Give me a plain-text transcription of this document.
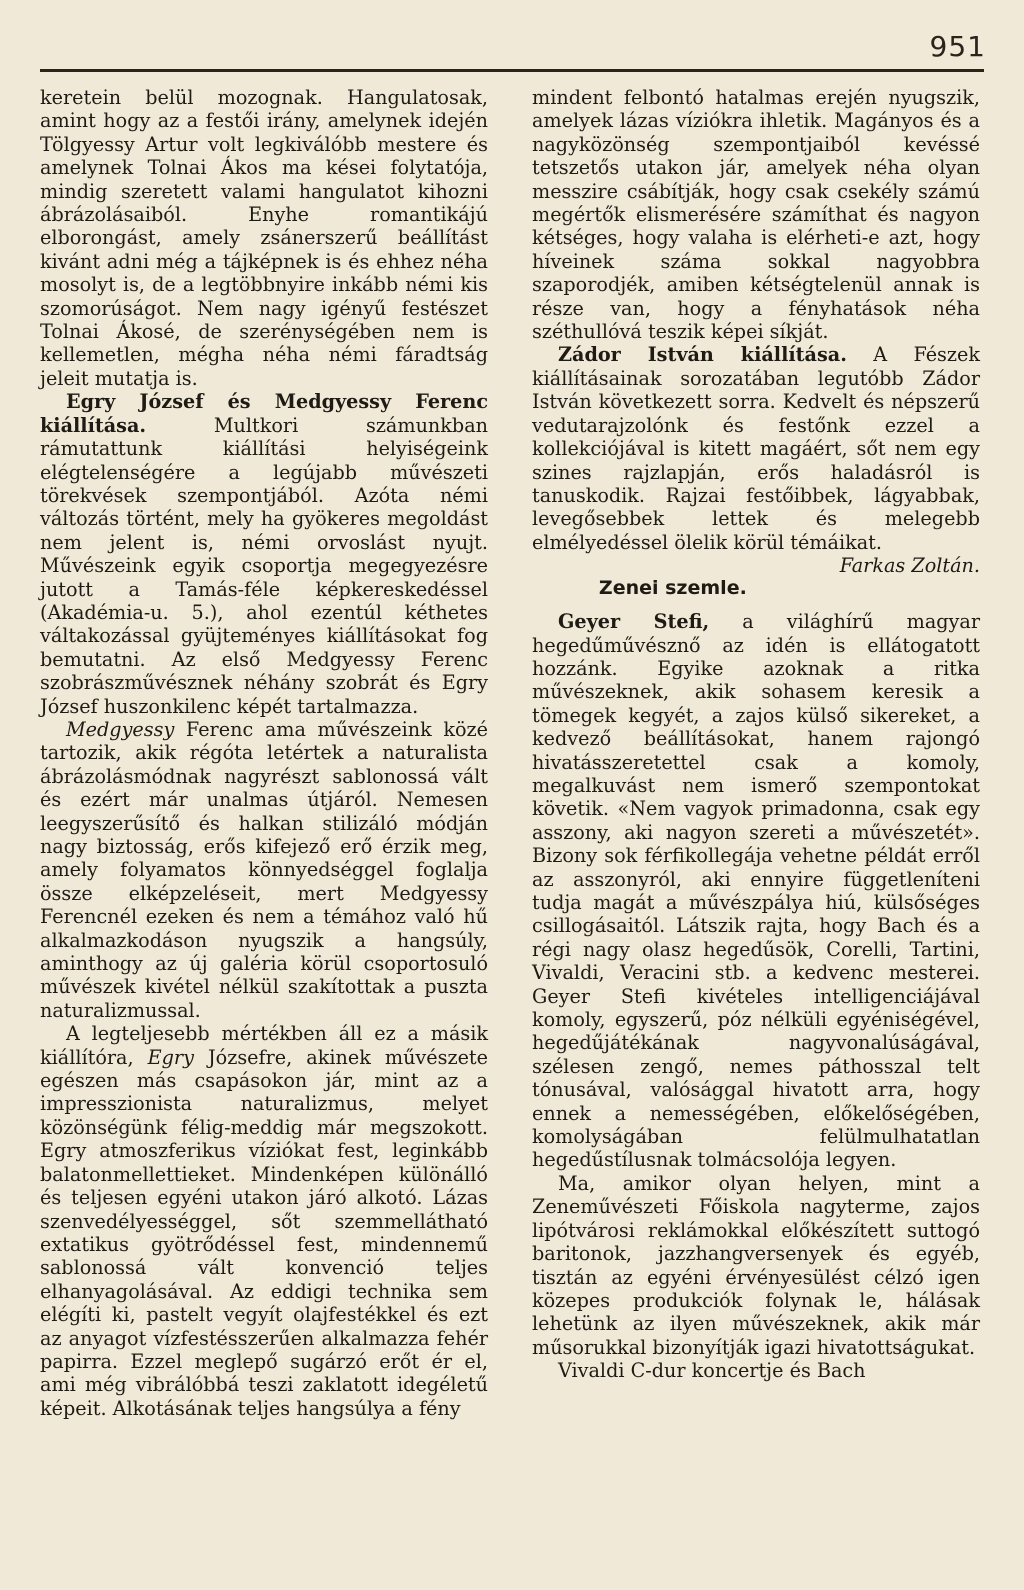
951

keretein belül mozognak. Hangulatosak, amint hogy az a festői irány, amelynek idején Tölgyessy Artur volt legkiválóbb mestere és amelynek Tolnai Ákos ma kései folytatója, mindig szeretett valami hangulatot kihozni ábrázolásaiból. Enyhe romantikájú elborongást, amely zsánerszerű beállítást kivánt adni még a tájképnek is és ehhez néha mosolyt is, de a legtöbbnyire inkább némi kis szomorúságot. Nem nagy igényű festészet Tolnai Ákosé, de szerénységében nem is kellemetlen, mégha néha némi fáradtság jeleit mutatja is.

Egry József és Medgyessy Ferenc kiállítása. Multkori számunkban rámutattunk kiállítási helyiségeink elégtelenségére a legújabb művészeti törekvések szempontjából. Azóta némi változás történt, mely ha gyökeres megoldást nem jelent is, némi orvoslást nyujt. Művészeink egyik csoportja megegyezésre jutott a Tamás-féle képkereskedéssel (Akadémia-u. 5.), ahol ezentúl kéthetes váltakozással gyüjteményes kiállításokat fog bemutatni. Az első Medgyessy Ferenc szobrászművésznek néhány szobrát és Egry József huszonkilenc képét tartalmazza.

Medgyessy Ferenc ama művészeink közé tartozik, akik régóta letértek a naturalista ábrázolásmódnak nagyrészt sablonossá vált és ezért már unalmas útjáról. Nemesen leegyszerűsítő és halkan stilizáló módján nagy biztosság, erős kifejező erő érzik meg, amely folyamatos könnyedséggel foglalja össze elképzeléseit, mert Medgyessy Ferencnél ezeken és nem a témához való hű alkalmazkodáson nyugszik a hangsúly, aminthogy az új galéria körül csoportosuló művészek kivétel nélkül szakítottak a puszta naturalizmussal.

A legteljesebb mértékben áll ez a másik kiállítóra, Egry Józsefre, akinek művészete egészen más csapásokon jár, mint az a impresszionista naturalizmus, melyet közönségünk félig-meddig már megszokott. Egry atmoszferikus víziókat fest, leginkább balatonmellettieket. Mindenképen különálló és teljesen egyéni utakon járó alkotó. Lázas szenvedélyességgel, sőt szemmellátható extatikus gyötrődéssel fest, mindennemű sablonossá vált konvenció teljes elhanyagolásával. Az eddigi technika sem elégíti ki, pastelt vegyít olajfestékkel és ezt az anyagot vízfestésszerűen alkalmazza fehér papirra. Ezzel meglepő sugárzó erőt ér el, ami még vibrálóbbá teszi zaklatott idegéletű képeit. Alkotásának teljes hangsúlya a fény

mindent felbontó hatalmas erején nyugszik, amelyek lázas víziókra ihletik. Magányos és a nagyközönség szempontjaiból kevéssé tetszetős utakon jár, amelyek néha olyan messzire csábítják, hogy csak csekély számú megértők elismerésére számíthat és nagyon kétséges, hogy valaha is elérheti-e azt, hogy híveinek száma sokkal nagyobbra szaporodjék, amiben kétségtelenül annak is része van, hogy a fényhatások néha széthullóvá teszik képei síkját.

Zádor István kiállítása. A Fészek kiállításainak sorozatában legutóbb Zádor István következett sorra. Kedvelt és népszerű vedutarajzolónk és festőnk ezzel a kollekciójával is kitett magáért, sőt nem egy szines rajzlapján, erős haladásról is tanuskodik. Rajzai festőibbek, lágyabbak, levegősebbek lettek és melegebb elmélyedéssel ölelik körül témáikat.
Farkas Zoltán.

Zenei szemle.

Geyer Stefi, a világhírű magyar hegedűművésznő az idén is ellátogatott hozzánk. Egyike azoknak a ritka művészeknek, akik sohasem keresik a tömegek kegyét, a zajos külső sikereket, a kedvező beállításokat, hanem rajongó hivatásszeretettel csak a komoly, megalkuvást nem ismerő szempontokat követik. «Nem vagyok primadonna, csak egy asszony, aki nagyon szereti a művészetét». Bizony sok férfikollegája vehetne példát erről az asszonyról, aki ennyire függetleníteni tudja magát a művészpálya hiú, külsőséges csillogásaitól. Látszik rajta, hogy Bach és a régi nagy olasz hegedűsök, Corelli, Tartini, Vivaldi, Veracini stb. a kedvenc mesterei. Geyer Stefi kivételes intelligenciájával komoly, egyszerű, póz nélküli egyéniségével, hegedűjátékának nagyvonalúságával, szélesen zengő, nemes páthosszal telt tónusával, valósággal hivatott arra, hogy ennek a nemességében, előkelőségében, komolyságában felülmulhatatlan hegedűstílusnak tolmácsolója legyen.

Ma, amikor olyan helyen, mint a Zeneművészeti Főiskola nagyterme, zajos lipótvárosi reklámokkal előkészített suttogó baritonok, jazzhangversenyek és egyéb, tisztán az egyéni érvényesülést célzó igen közepes produkciók folynak le, hálásak lehetünk az ilyen művészeknek, akik már műsorukkal bizonyítják igazi hivatottságukat.

Vivaldi C-dur koncertje és Bach
